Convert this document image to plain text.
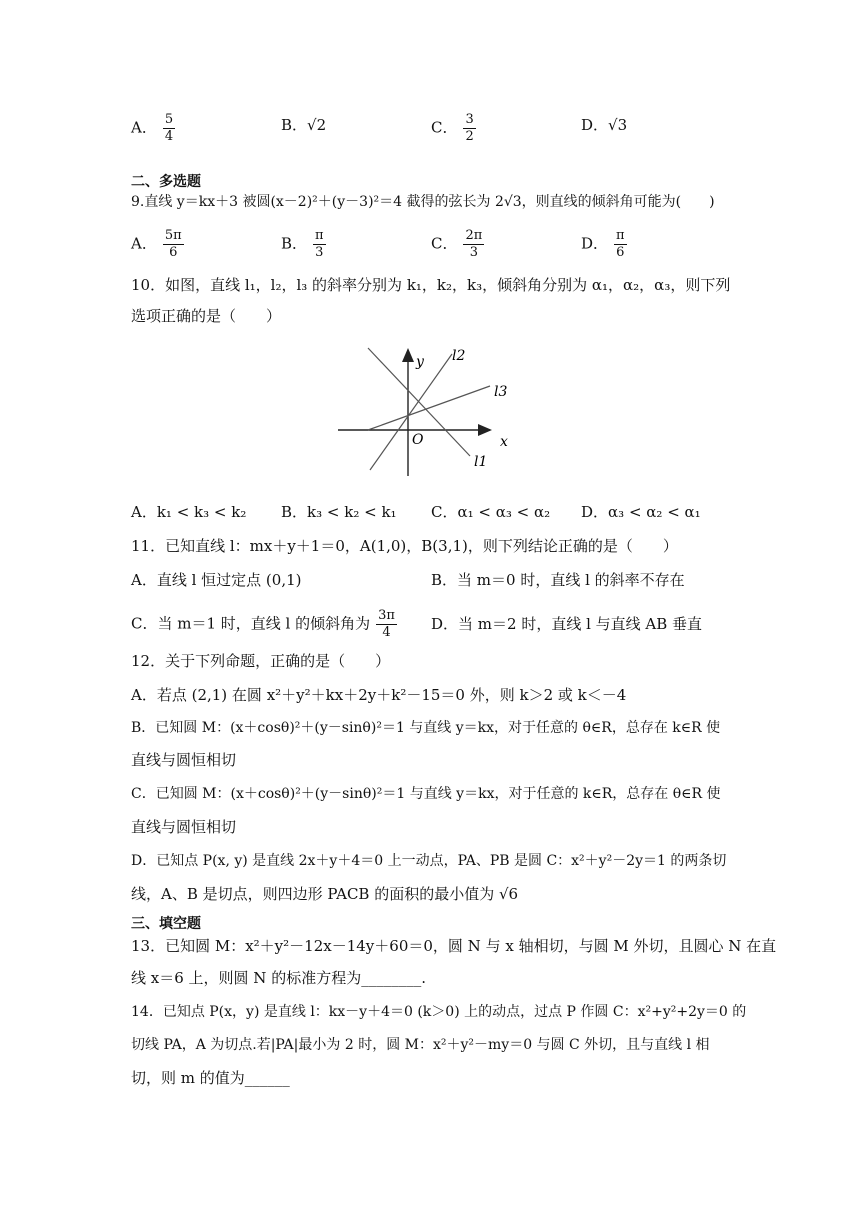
A． $\frac{5}{4}$	B．√2	C． $\frac{3}{2}$	D．√3
二、多选题
9.直线 y＝kx＋3 被圆(x－2)²＋(y－3)²＝4 截得的弦长为 2√3，则直线的倾斜角可能为(　　)
A． $\frac{5\pi}{6}$	B． $\frac{\pi}{3}$	C． $\frac{2\pi}{3}$	D． $\frac{\pi}{6}$
10．如图，直线 l₁，l₂，l₃ 的斜率分别为 k₁，k₂，k₃，倾斜角分别为 α₁，α₂，α₃，则下列
选项正确的是（　　）
y
x
O
l2
l3
l1
A．k₁ < k₃ < k₂ B．k₃ < k₂ < k₁ C．α₁ < α₃ < α₂ D．α₃ < α₂ < α₁
11．已知直线 l：mx＋y＋1＝0，A(1,0)，B(3,1)，则下列结论正确的是（　　）
A．直线 l 恒过定点 (0,1)	B．当 m＝0 时，直线 l 的斜率不存在
C．当 m＝1 时，直线 l 的倾斜角为 $\frac{3\pi}{4}$ D．当 m＝2 时，直线 l 与直线 AB 垂直
12．关于下列命题，正确的是（　　）
A．若点 (2,1) 在圆 x²＋y²＋kx＋2y＋k²－15＝0 外，则 k＞2 或 k＜－4
B．已知圆 M：(x＋cosθ)²＋(y－sinθ)²＝1 与直线 y＝kx，对于任意的 θ∈R，总存在 k∈R 使
直线与圆恒相切
C．已知圆 M：(x＋cosθ)²＋(y－sinθ)²＝1 与直线 y＝kx，对于任意的 k∈R，总存在 θ∈R 使
直线与圆恒相切
D．已知点 P(x, y) 是直线 2x＋y＋4＝0 上一动点，PA、PB 是圆 C：x²＋y²－2y＝1 的两条切
线，A、B 是切点，则四边形 PACB 的面积的最小值为 √6
三、填空题
13．已知圆 M：x²＋y²－12x－14y＋60＝0，圆 N 与 x 轴相切，与圆 M 外切，且圆心 N 在直
线 x＝6 上，则圆 N 的标准方程为________.
14．已知点 P(x，y) 是直线 l：kx－y＋4＝0 (k＞0) 上的动点，过点 P 作圆 C：x²+y²+2y＝0 的
切线 PA，A 为切点.若|PA|最小为 2 时，圆 M：x²＋y²－my＝0 与圆 C 外切，且与直线 l 相
切，则 m 的值为______
